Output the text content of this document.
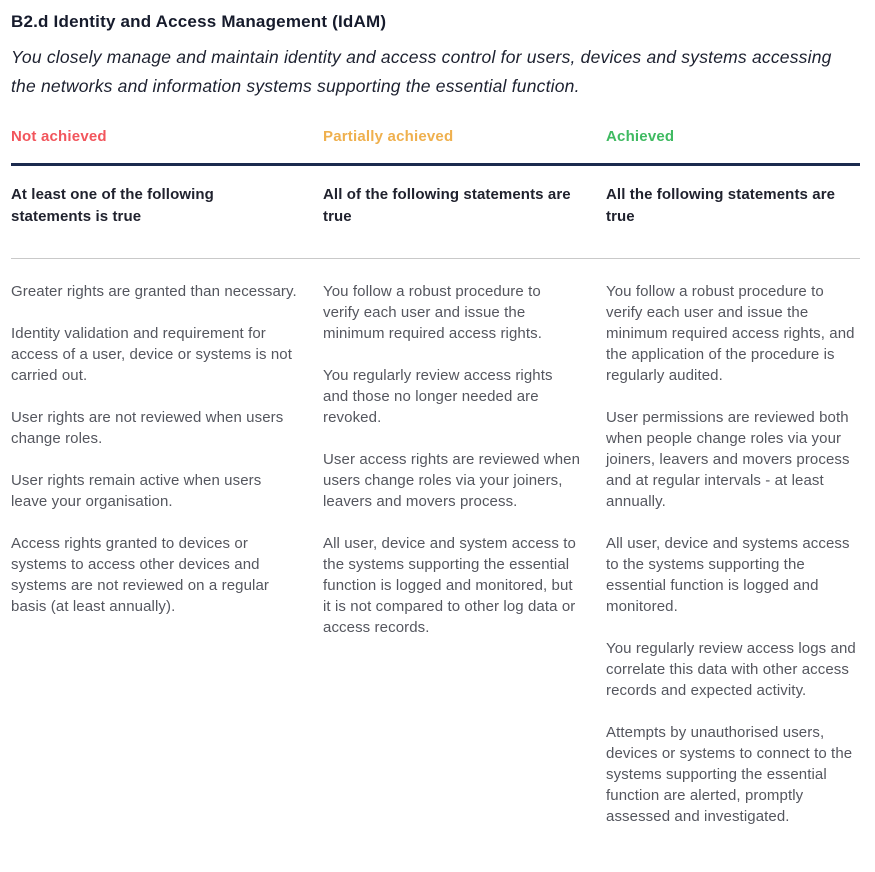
B2.d Identity and Access Management (IdAM)

You closely manage and maintain identity and access control for users, devices and systems accessing the networks and information systems supporting the essential function.

Not achieved	Partially achieved	Achieved
At least one of the following statements is true
All of the following statements are true
All the following statements are true

Greater rights are granted than necessary.

Identity validation and requirement for access of a user, device or systems is not carried out.

User rights are not reviewed when users change roles.

User rights remain active when users leave your organisation.

Access rights granted to devices or systems to access other devices and systems are not reviewed on a regular basis (at least annually).

You follow a robust procedure to verify each user and issue the minimum required access rights.

You regularly review access rights and those no longer needed are revoked.

User access rights are reviewed when users change roles via your joiners, leavers and movers process.

All user, device and system access to the systems supporting the essential function is logged and monitored, but it is not compared to other log data or access records.

You follow a robust procedure to verify each user and issue the minimum required access rights, and the application of the procedure is regularly audited.

User permissions are reviewed both when people change roles via your joiners, leavers and movers process and at regular intervals - at least annually.

All user, device and systems access to the systems supporting the essential function is logged and monitored.

You regularly review access logs and correlate this data with other access records and expected activity.

Attempts by unauthorised users, devices or systems to connect to the systems supporting the essential function are alerted, promptly assessed and investigated.
